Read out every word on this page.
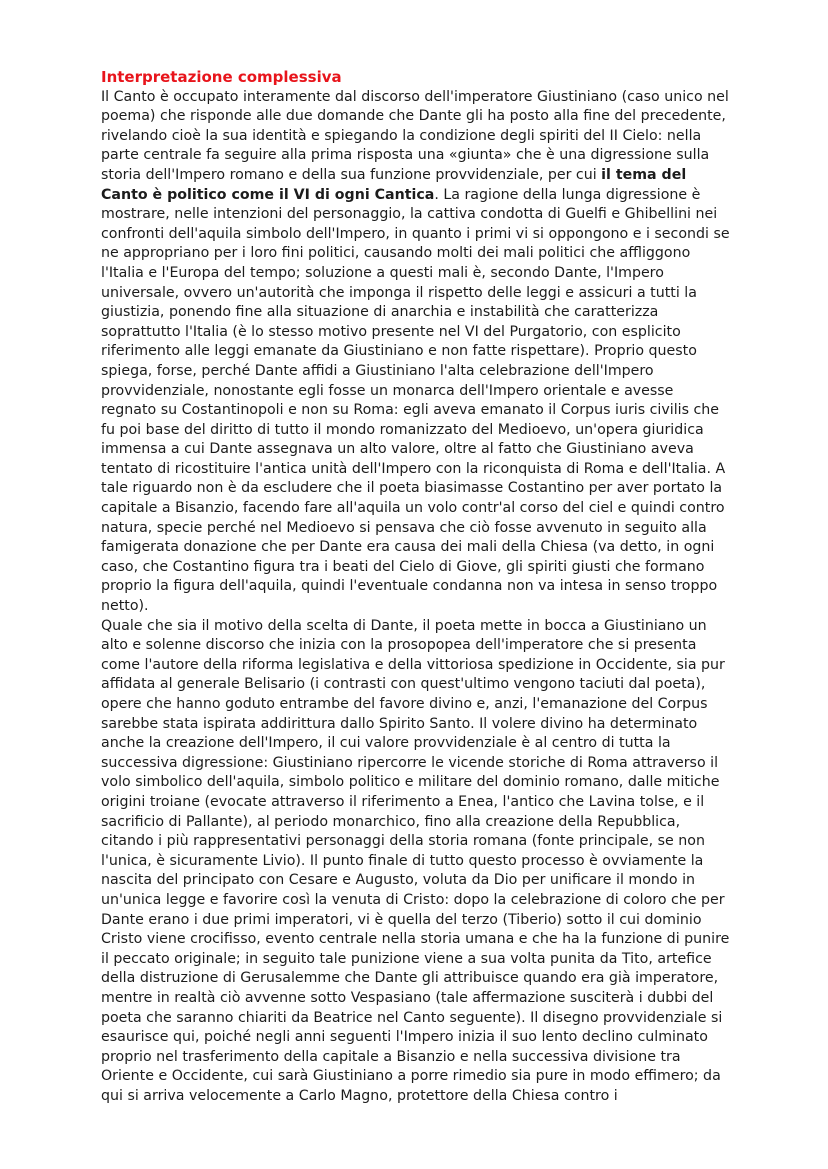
Interpretazione complessiva

Il Canto è occupato interamente dal discorso dell'imperatore Giustiniano (caso unico nel poema) che risponde alle due domande che Dante gli ha posto alla fine del precedente, rivelando cioè la sua identità e spiegando la condizione degli spiriti del II Cielo: nella parte centrale fa seguire alla prima risposta una «giunta» che è una digressione sulla storia dell'Impero romano e della sua funzione provvidenziale, per cui il tema del Canto è politico come il VI di ogni Cantica. La ragione della lunga digressione è mostrare, nelle intenzioni del personaggio, la cattiva condotta di Guelfi e Ghibellini nei confronti dell'aquila simbolo dell'Impero, in quanto i primi vi si oppongono e i secondi se ne appropriano per i loro fini politici, causando molti dei mali politici che affliggono l'Italia e l'Europa del tempo; soluzione a questi mali è, secondo Dante, l'Impero universale, ovvero un'autorità che imponga il rispetto delle leggi e assicuri a tutti la giustizia, ponendo fine alla situazione di anarchia e instabilità che caratterizza soprattutto l'Italia (è lo stesso motivo presente nel VI del Purgatorio, con esplicito riferimento alle leggi emanate da Giustiniano e non fatte rispettare). Proprio questo spiega, forse, perché Dante affidi a Giustiniano l'alta celebrazione dell'Impero provvidenziale, nonostante egli fosse un monarca dell'Impero orientale e avesse regnato su Costantinopoli e non su Roma: egli aveva emanato il Corpus iuris civilis che fu poi base del diritto di tutto il mondo romanizzato del Medioevo, un'opera giuridica immensa a cui Dante assegnava un alto valore, oltre al fatto che Giustiniano aveva tentato di ricostituire l'antica unità dell'Impero con la riconquista di Roma e dell'Italia. A tale riguardo non è da escludere che il poeta biasimasse Costantino per aver portato la capitale a Bisanzio, facendo fare all'aquila un volo contr'al corso del ciel e quindi contro natura, specie perché nel Medioevo si pensava che ciò fosse avvenuto in seguito alla famigerata donazione che per Dante era causa dei mali della Chiesa (va detto, in ogni caso, che Costantino figura tra i beati del Cielo di Giove, gli spiriti giusti che formano proprio la figura dell'aquila, quindi l'eventuale condanna non va intesa in senso troppo netto).

Quale che sia il motivo della scelta di Dante, il poeta mette in bocca a Giustiniano un alto e solenne discorso che inizia con la prosopopea dell'imperatore che si presenta come l'autore della riforma legislativa e della vittoriosa spedizione in Occidente, sia pur affidata al generale Belisario (i contrasti con quest'ultimo vengono taciuti dal poeta), opere che hanno goduto entrambe del favore divino e, anzi, l'emanazione del Corpus sarebbe stata ispirata addirittura dallo Spirito Santo. Il volere divino ha determinato anche la creazione dell'Impero, il cui valore provvidenziale è al centro di tutta la successiva digressione: Giustiniano ripercorre le vicende storiche di Roma attraverso il volo simbolico dell'aquila, simbolo politico e militare del dominio romano, dalle mitiche origini troiane (evocate attraverso il riferimento a Enea, l'antico che Lavina tolse, e il sacrificio di Pallante), al periodo monarchico, fino alla creazione della Repubblica, citando i più rappresentativi personaggi della storia romana (fonte principale, se non l'unica, è sicuramente Livio). Il punto finale di tutto questo processo è ovviamente la nascita del principato con Cesare e Augusto, voluta da Dio per unificare il mondo in un'unica legge e favorire così la venuta di Cristo: dopo la celebrazione di coloro che per Dante erano i due primi imperatori, vi è quella del terzo (Tiberio) sotto il cui dominio Cristo viene crocifisso, evento centrale nella storia umana e che ha la funzione di punire il peccato originale; in seguito tale punizione viene a sua volta punita da Tito, artefice della distruzione di Gerusalemme che Dante gli attribuisce quando era già imperatore, mentre in realtà ciò avvenne sotto Vespasiano (tale affermazione susciterà i dubbi del poeta che saranno chiariti da Beatrice nel Canto seguente). Il disegno provvidenziale si esaurisce qui, poiché negli anni seguenti l'Impero inizia il suo lento declino culminato proprio nel trasferimento della capitale a Bisanzio e nella successiva divisione tra Oriente e Occidente, cui sarà Giustiniano a porre rimedio sia pure in modo effimero; da qui si arriva velocemente a Carlo Magno, protettore della Chiesa contro i
